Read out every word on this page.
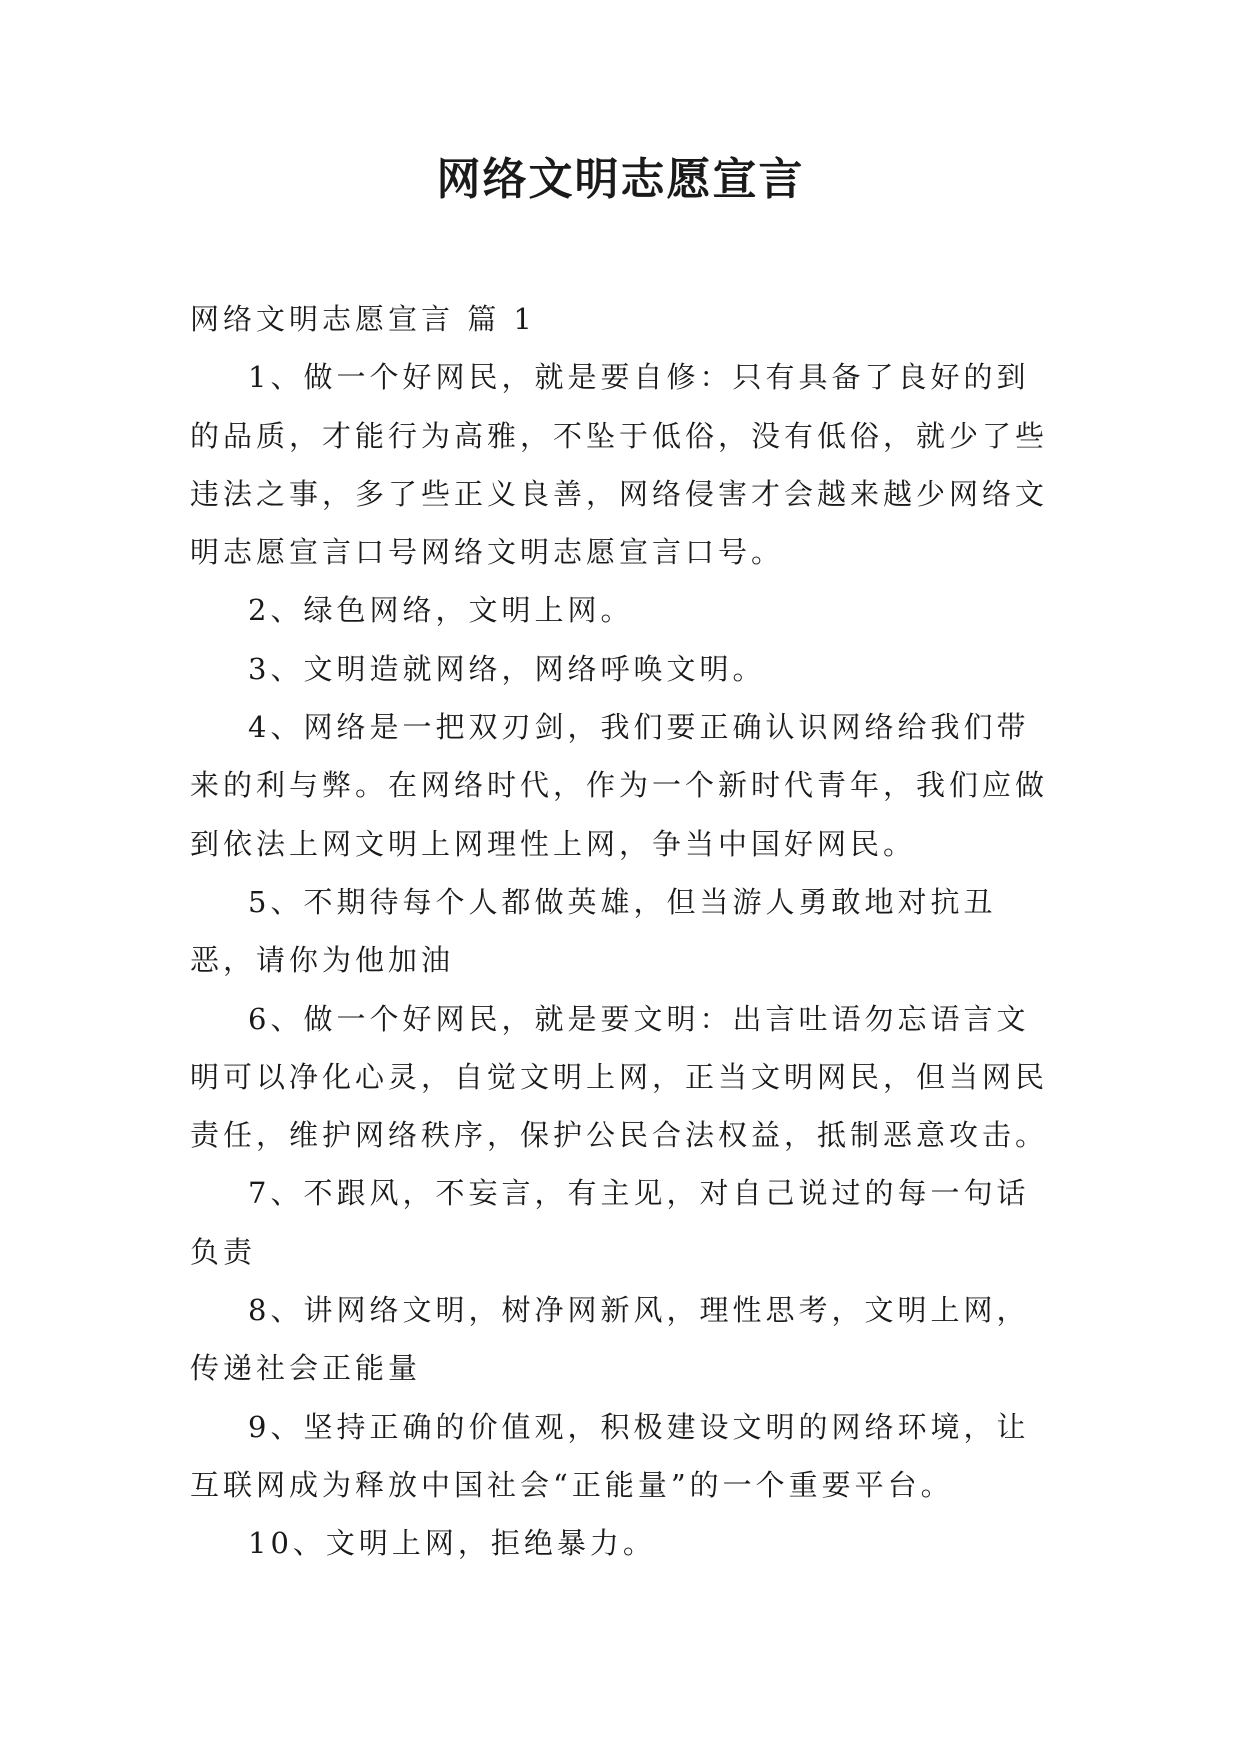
网络文明志愿宣言

网络文明志愿宣言 篇 1

1、做一个好网民，就是要自修：只有具备了良好的到的品质，才能行为高雅，不坠于低俗，没有低俗，就少了些违法之事，多了些正义良善，网络侵害才会越来越少网络文明志愿宣言口号网络文明志愿宣言口号。

2、绿色网络，文明上网。

3、文明造就网络，网络呼唤文明。

4、网络是一把双刃剑，我们要正确认识网络给我们带来的利与弊。在网络时代，作为一个新时代青年，我们应做到依法上网文明上网理性上网，争当中国好网民。

5、不期待每个人都做英雄，但当游人勇敢地对抗丑恶，请你为他加油

6、做一个好网民，就是要文明：出言吐语勿忘语言文明可以净化心灵，自觉文明上网，正当文明网民，但当网民责任，维护网络秩序，保护公民合法权益，抵制恶意攻击。

7、不跟风，不妄言，有主见，对自己说过的每一句话负责

8、讲网络文明，树净网新风，理性思考，文明上网，传递社会正能量

9、坚持正确的价值观，积极建设文明的网络环境，让互联网成为释放中国社会“正能量”的一个重要平台。

10、文明上网，拒绝暴力。
